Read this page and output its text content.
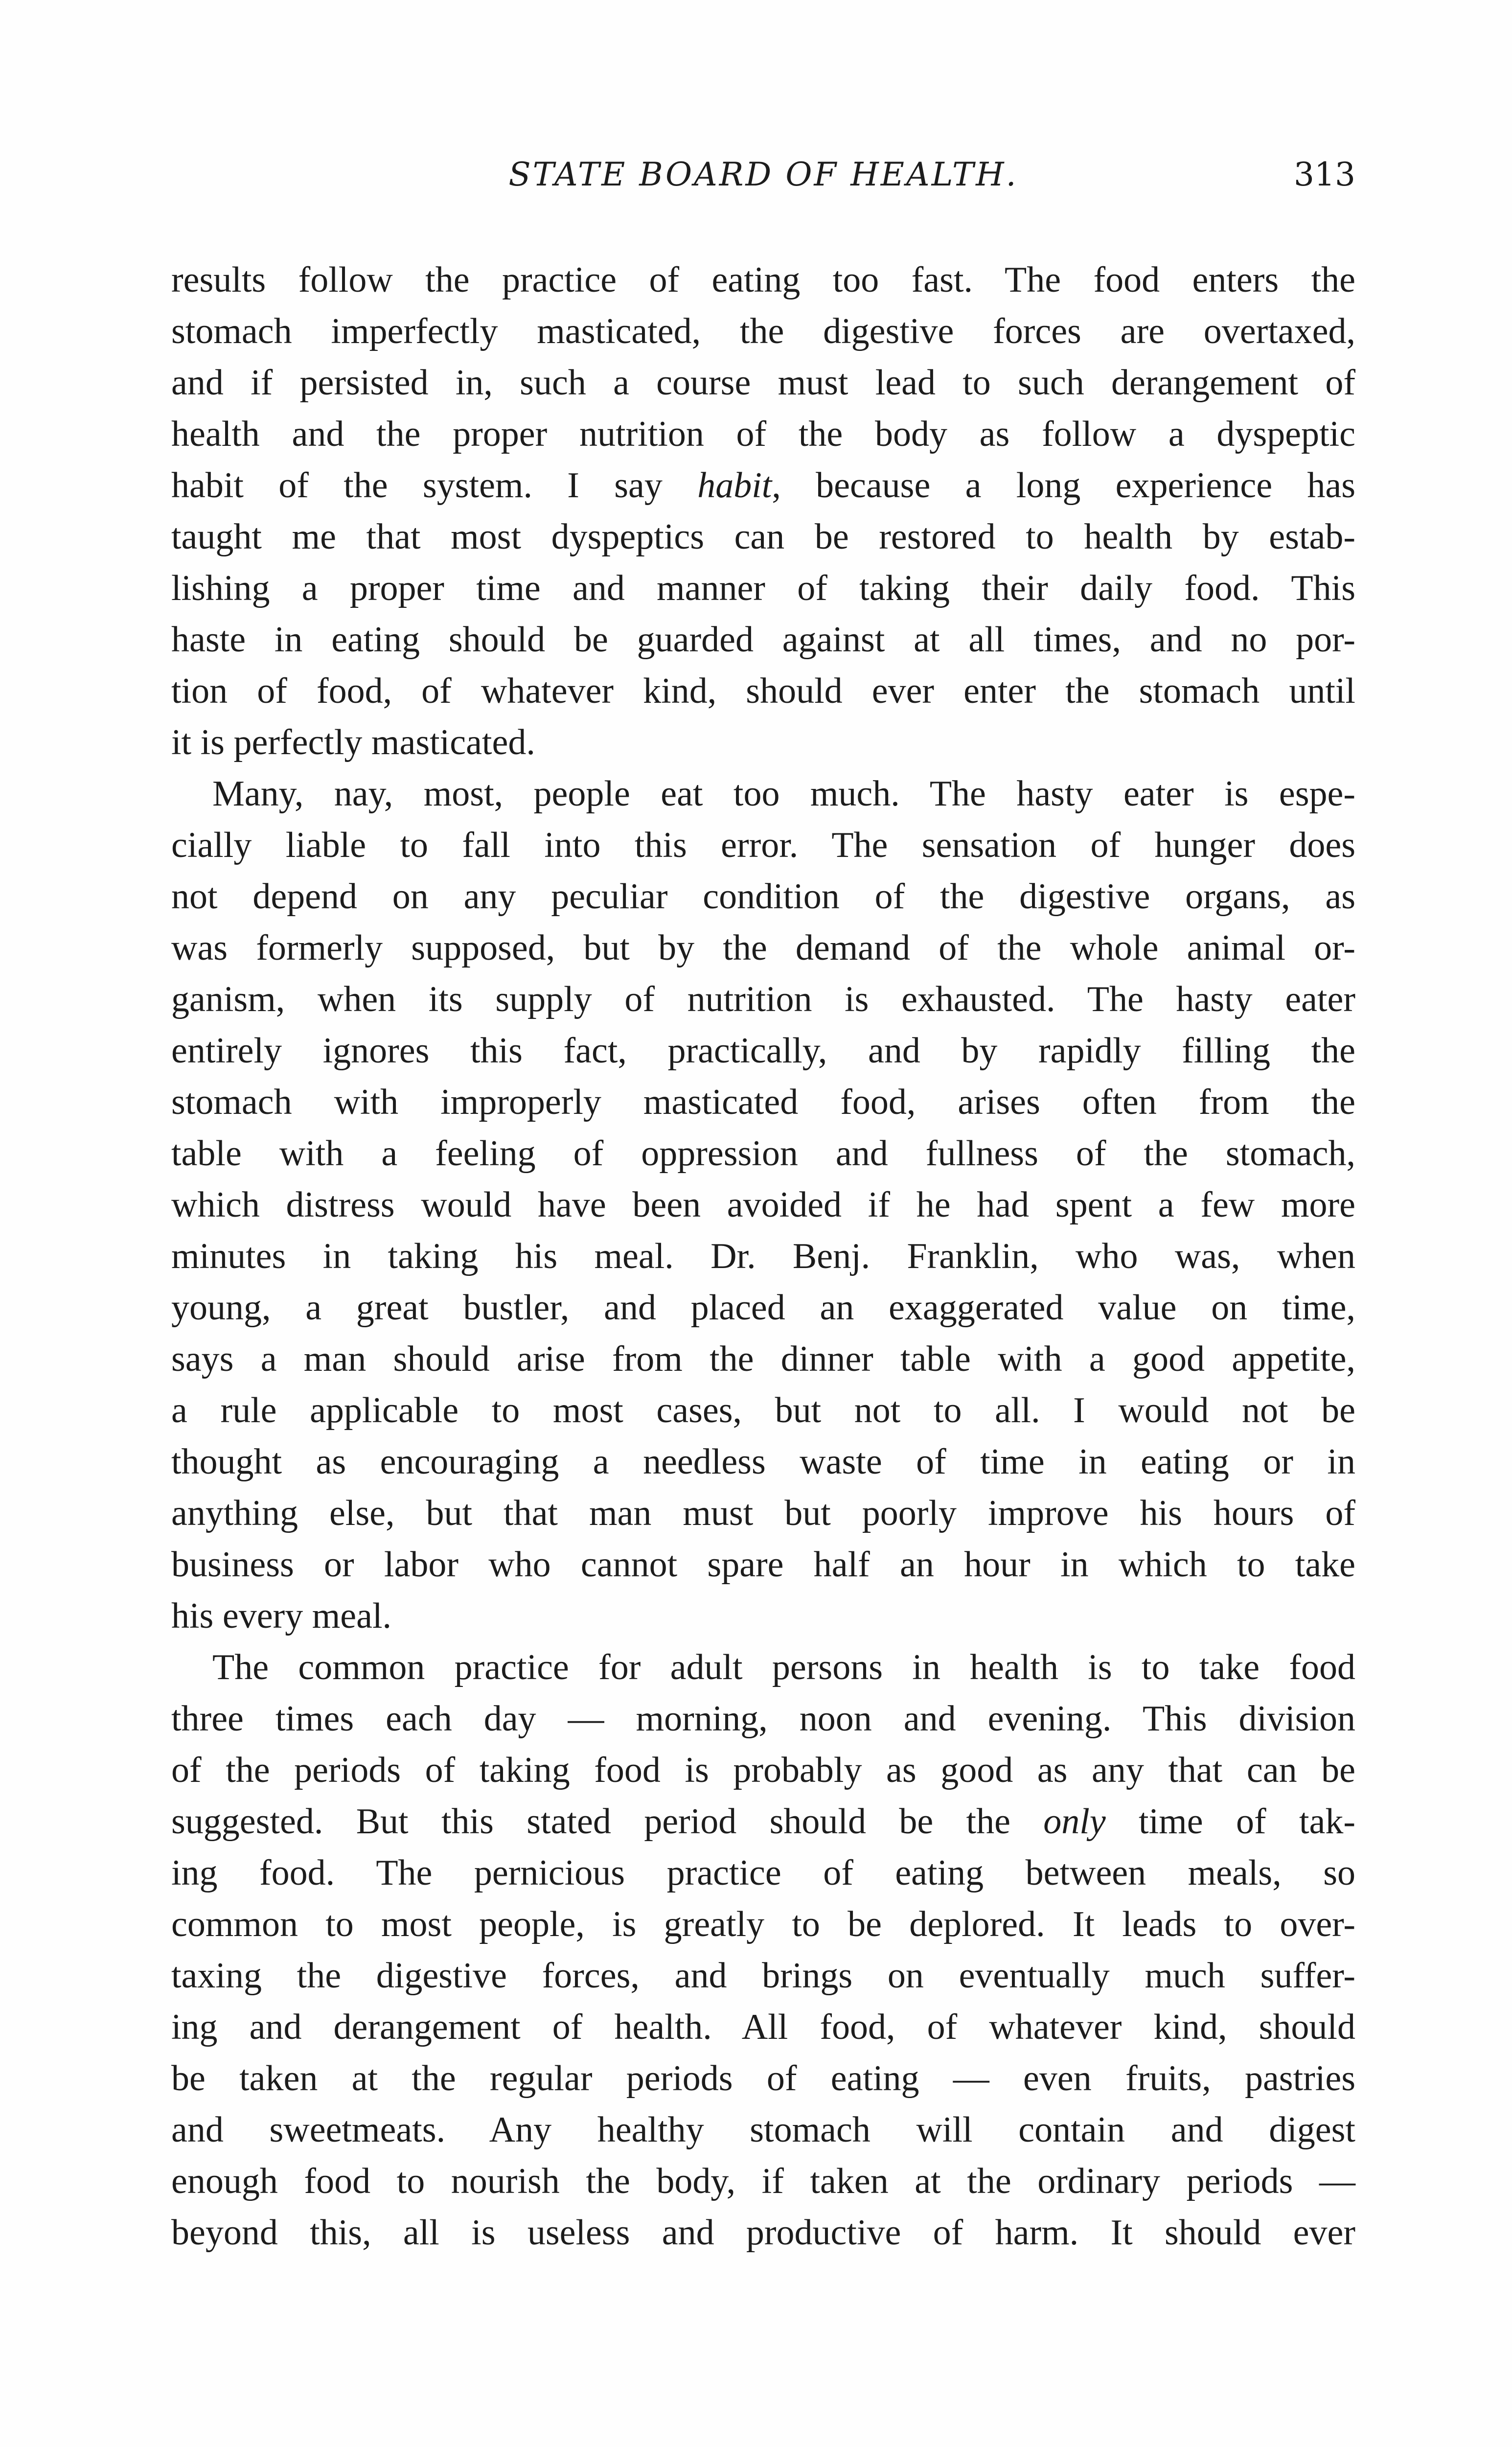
STATE BOARD OF HEALTH.	313

results follow the practice of eating too fast. The food enters the

stomach imperfectly masticated, the digestive forces are overtaxed,

and if persisted in, such a course must lead to such derangement of

health and the proper nutrition of the body as follow a dyspeptic

habit of the system. I say habit, because a long experience has

taught me that most dyspeptics can be restored to health by estab-

lishing a proper time and manner of taking their daily food. This

haste in eating should be guarded against at all times, and no por-

tion of food, of whatever kind, should ever enter the stomach until

it is perfectly masticated.

Many, nay, most, people eat too much. The hasty eater is espe-

cially liable to fall into this error. The sensation of hunger does

not depend on any peculiar condition of the digestive organs, as

was formerly supposed, but by the demand of the whole animal or-

ganism, when its supply of nutrition is exhausted. The hasty eater

entirely ignores this fact, practically, and by rapidly filling the

stomach with improperly masticated food, arises often from the

table with a feeling of oppression and fullness of the stomach,

which distress would have been avoided if he had spent a few more

minutes in taking his meal. Dr. Benj. Franklin, who was, when

young, a great bustler, and placed an exaggerated value on time,

says a man should arise from the dinner table with a good appetite,

a rule applicable to most cases, but not to all. I would not be

thought as encouraging a needless waste of time in eating or in

anything else, but that man must but poorly improve his hours of

business or labor who cannot spare half an hour in which to take

his every meal.

The common practice for adult persons in health is to take food

three times each day — morning, noon and evening. This division

of the periods of taking food is probably as good as any that can be

suggested. But this stated period should be the only time of tak-

ing food. The pernicious practice of eating between meals, so

common to most people, is greatly to be deplored. It leads to over-

taxing the digestive forces, and brings on eventually much suffer-

ing and derangement of health. All food, of whatever kind, should

be taken at the regular periods of eating — even fruits, pastries

and sweetmeats. Any healthy stomach will contain and digest

enough food to nourish the body, if taken at the ordinary periods —

beyond this, all is useless and productive of harm. It should ever
